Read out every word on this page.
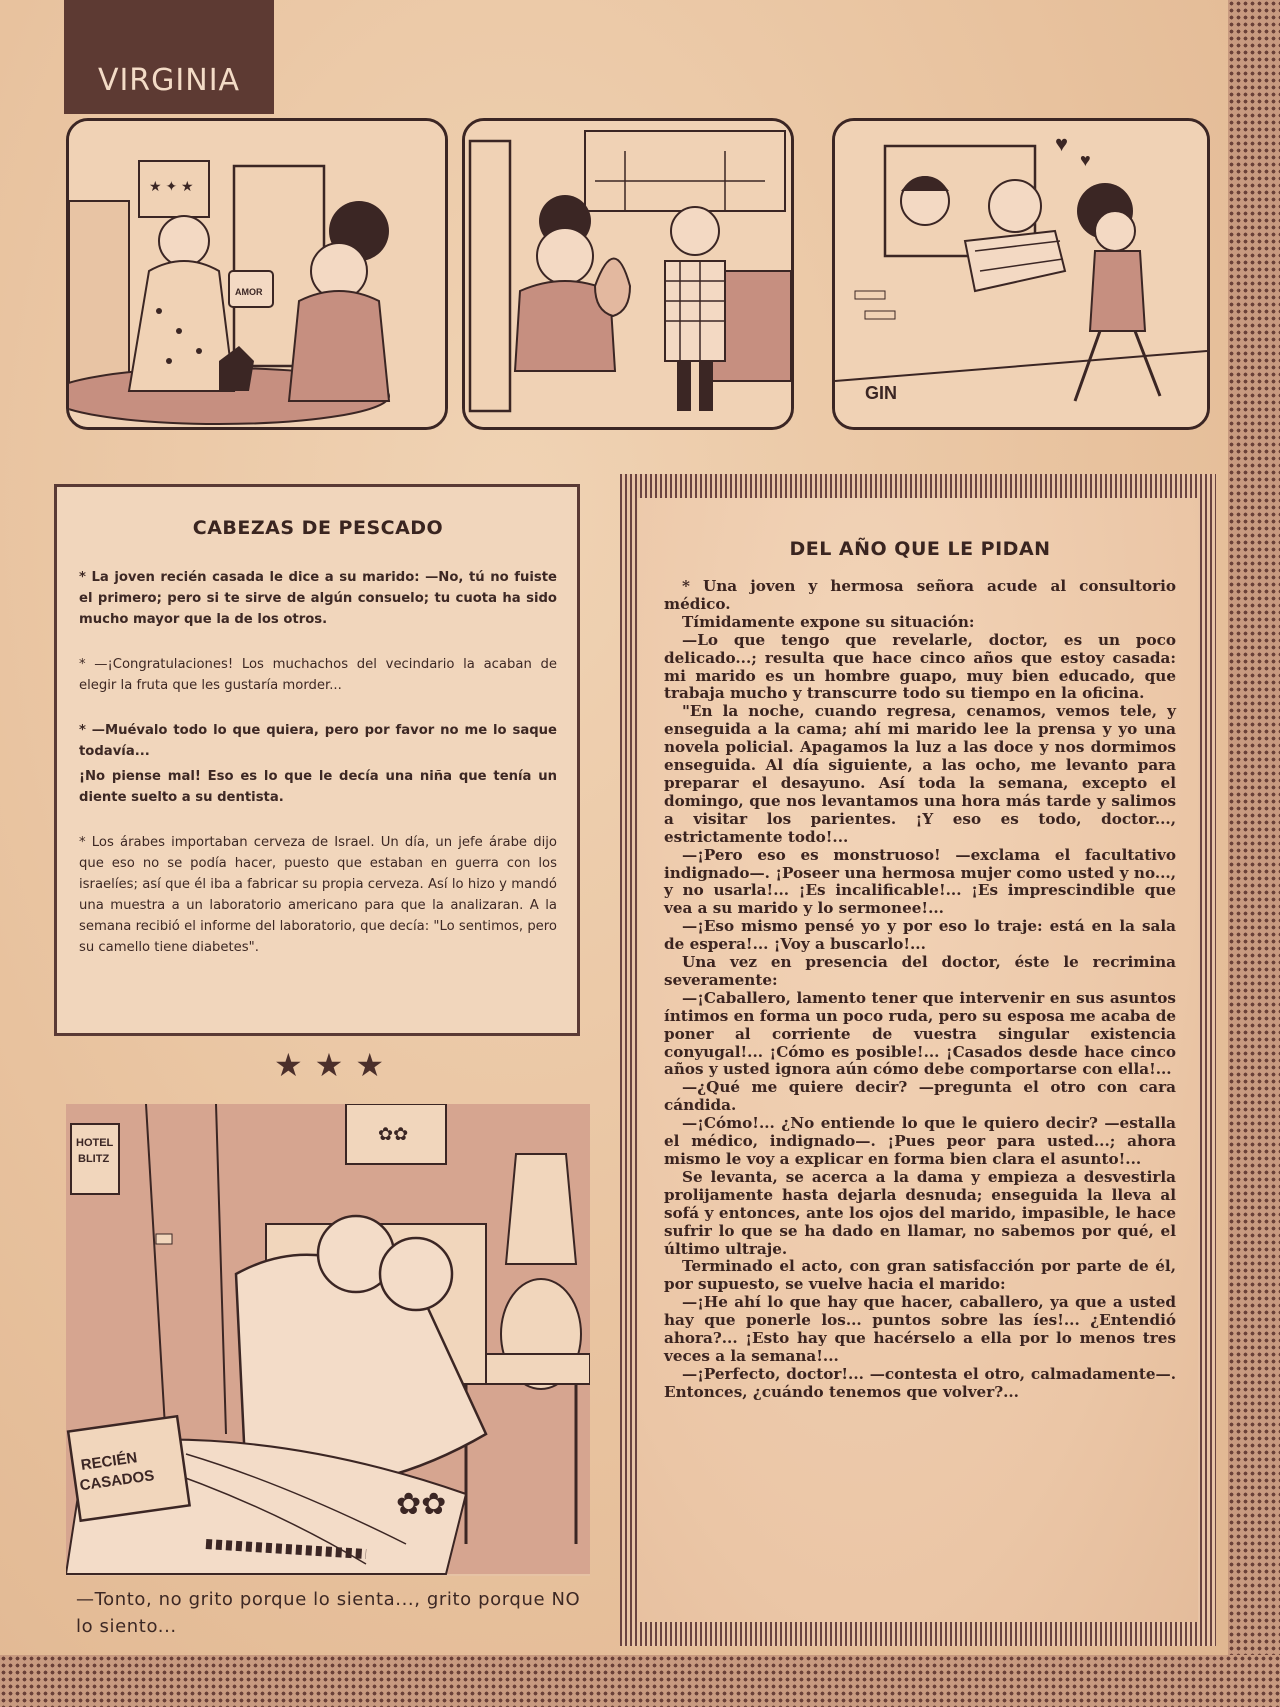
VIRGINIA
★ ✦ ★
AMOR
♥
♥
GIN
CABEZAS DE PESCADO

* La joven recién casada le dice a su marido: —No, tú no fuiste el primero; pero si te sirve de algún consuelo; tu cuota ha sido mucho mayor que la de los otros.

* —¡Congratulaciones! Los muchachos del vecindario la acaban de elegir la fruta que les gustaría morder...

* —Muévalo todo lo que quiera, pero por favor no me lo saque todavía...

¡No piense mal! Eso es lo que le decía una niña que tenía un diente suelto a su dentista.

* Los árabes importaban cerveza de Israel. Un día, un jefe árabe dijo que eso no se podía hacer, puesto que estaban en guerra con los israelíes; así que él iba a fabricar su propia cerveza. Así lo hizo y mandó una muestra a un laboratorio americano para que la analizaran. A la semana recibió el informe del laboratorio, que decía: "Lo sentimos, pero su camello tiene diabetes".

★★★
✿✿
HOTEL
BLITZ
RECIÉN
CASADOS
✿✿
—Tonto, no grito porque lo sienta..., grito porque NO lo siento...
DEL AÑO QUE LE PIDAN

* Una joven y hermosa señora acude al consultorio médico.

Tímidamente expone su situación:

—Lo que tengo que revelarle, doctor, es un poco delicado...; resulta que hace cinco años que estoy casada: mi marido es un hombre guapo, muy bien educado, que trabaja mucho y transcurre todo su tiempo en la oficina.

"En la noche, cuando regresa, cenamos, vemos tele, y enseguida a la cama; ahí mi marido lee la prensa y yo una novela policial. Apagamos la luz a las doce y nos dormimos enseguida. Al día siguiente, a las ocho, me levanto para preparar el desayuno. Así toda la semana, excepto el domingo, que nos levantamos una hora más tarde y salimos a visitar los parientes. ¡Y eso es todo, doctor..., estrictamente todo!...

—¡Pero eso es monstruoso! —exclama el facultativo indignado—. ¡Poseer una hermosa mujer como usted y no..., y no usarla!... ¡Es incalificable!... ¡Es imprescindible que vea a su marido y lo sermonee!...

—¡Eso mismo pensé yo y por eso lo traje: está en la sala de espera!... ¡Voy a buscarlo!...

Una vez en presencia del doctor, éste le recrimina severamente:

—¡Caballero, lamento tener que intervenir en sus asuntos íntimos en forma un poco ruda, pero su esposa me acaba de poner al corriente de vuestra singular existencia conyugal!... ¡Cómo es posible!... ¡Casados desde hace cinco años y usted ignora aún cómo debe comportarse con ella!...

—¿Qué me quiere decir? —pregunta el otro con cara cándida.

—¡Cómo!... ¿No entiende lo que le quiero decir? —estalla el médico, indignado—. ¡Pues peor para usted...; ahora mismo le voy a explicar en forma bien clara el asunto!...

Se levanta, se acerca a la dama y empieza a desvestirla prolijamente hasta dejarla desnuda; enseguida la lleva al sofá y entonces, ante los ojos del marido, impasible, le hace sufrir lo que se ha dado en llamar, no sabemos por qué, el último ultraje.

Terminado el acto, con gran satisfacción por parte de él, por supuesto, se vuelve hacia el marido:

—¡He ahí lo que hay que hacer, caballero, ya que a usted hay que ponerle los... puntos sobre las íes!... ¿Entendió ahora?... ¡Esto hay que hacérselo a ella por lo menos tres veces a la semana!...

—¡Perfecto, doctor!... —contesta el otro, calmadamente—. Entonces, ¿cuándo tenemos que volver?...
